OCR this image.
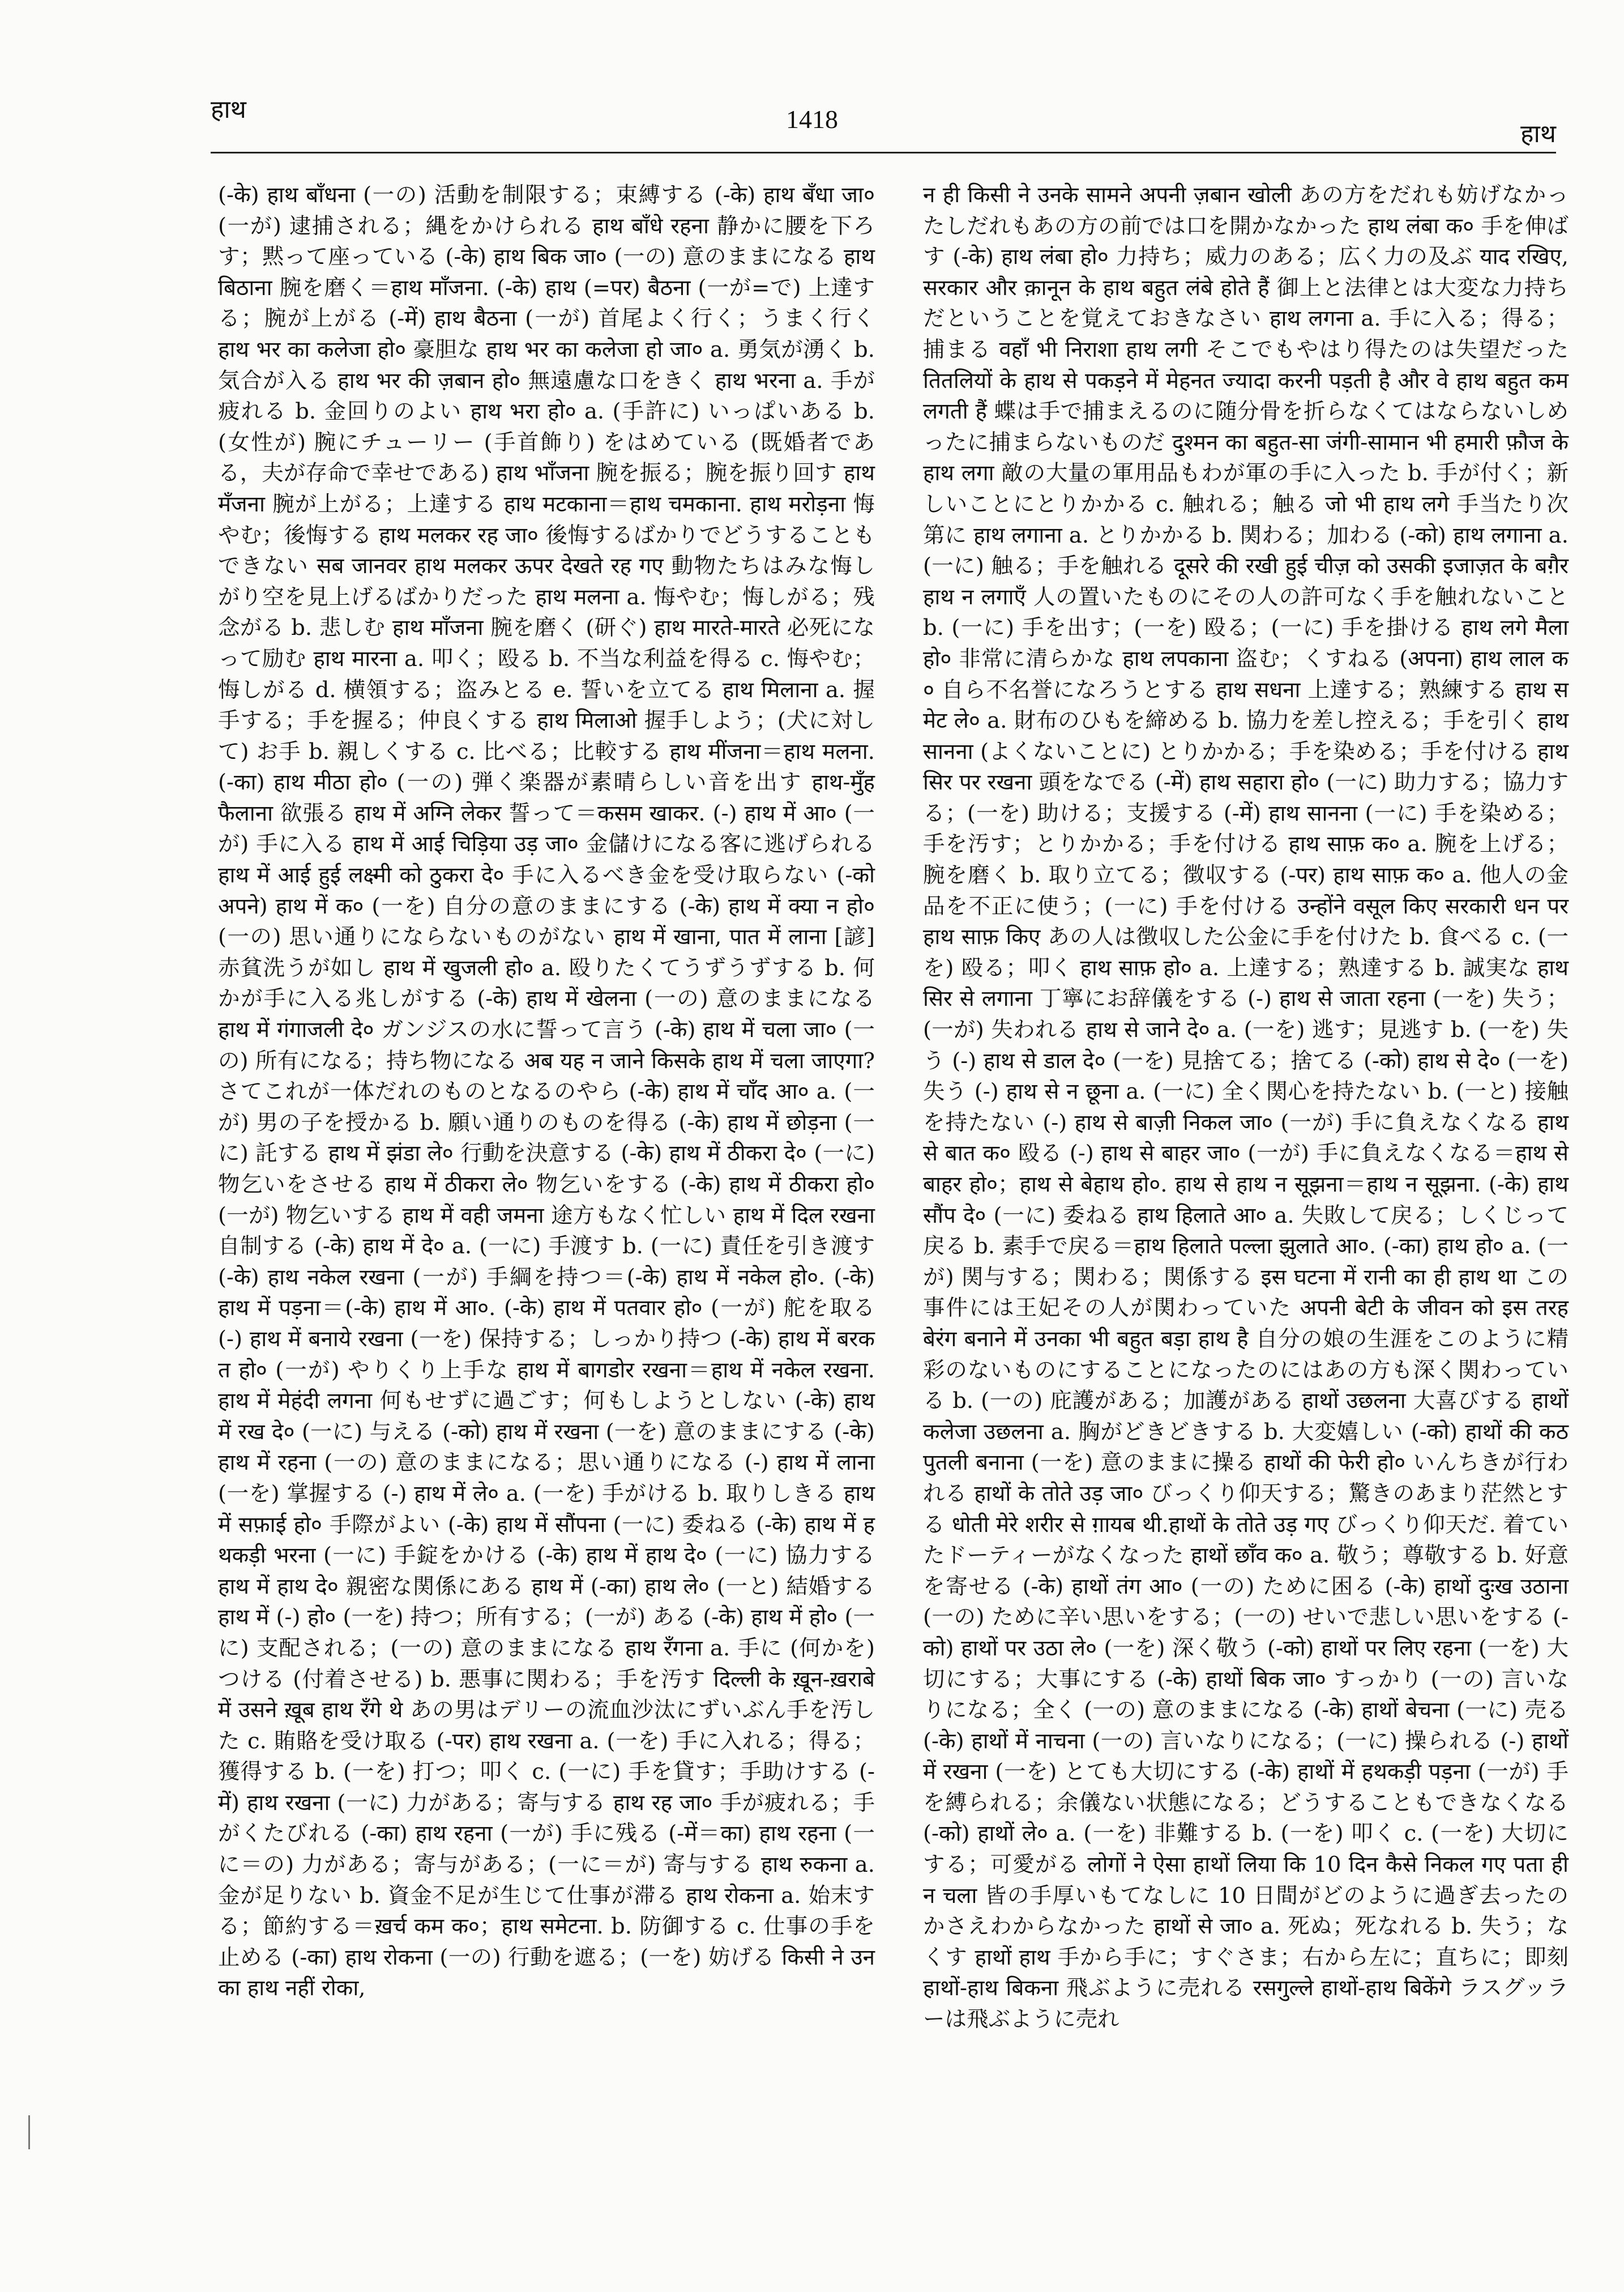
हाथ	1418
हाथ

(-के) हाथ बाँधना (一の) 活動を制限する；束縛する (-के) हाथ बँधा जा० (一が) 逮捕される；縄をかけられる हाथ बाँधे रहना 静かに腰を下ろす；黙って座っている (-के) हाथ बिक जा० (一の) 意のままになる हाथ बिठाना 腕を磨く＝हाथ माँजना. (-के) हाथ (=पर) बैठना (一が=で) 上達する；腕が上がる (-में) हाथ बैठना (一が) 首尾よく行く；うまく行く हाथ भर का कलेजा हो० 豪胆な हाथ भर का कलेजा हो जा० a. 勇気が湧く b. 気合が入る हाथ भर की ज़बान हो० 無遠慮な口をきく हाथ भरना a. 手が疲れる b. 金回りのよい हाथ भरा हो० a. (手許に) いっぱいある b. (女性が) 腕にチューリー (手首飾り) をはめている (既婚者である，夫が存命で幸せである) हाथ भाँजना 腕を振る；腕を振り回す हाथ मँजना 腕が上がる；上達する हाथ मटकाना＝हाथ चमकाना. हाथ मरोड़ना 悔やむ；後悔する हाथ मलकर रह जा० 後悔するばかりでどうすることもできない सब जानवर हाथ मलकर ऊपर देखते रह गए 動物たちはみな悔しがり空を見上げるばかりだった हाथ मलना a. 悔やむ；悔しがる；残念がる b. 悲しむ हाथ माँजना 腕を磨く (研ぐ) हाथ मारते-मारते 必死になって励む हाथ मारना a. 叩く；殴る b. 不当な利益を得る c. 悔やむ；悔しがる d. 横領する；盗みとる e. 誓いを立てる हाथ मिलाना a. 握手する；手を握る；仲良くする हाथ मिलाओ 握手しよう；(犬に対して) お手 b. 親しくする c. 比べる；比較する हाथ मींजना＝हाथ मलना. (-का) हाथ मीठा हो० (一の) 弾く楽器が素晴らしい音を出す हाथ-मुँह फैलाना 欲張る हाथ में अग्नि लेकर 誓って＝कसम खाकर. (-) हाथ में आ० (一が) 手に入る हाथ में आई चिड़िया उड़ जा० 金儲けになる客に逃げられる हाथ में आई हुई लक्ष्मी को ठुकरा दे० 手に入るべき金を受け取らない (-को अपने) हाथ में क० (一を) 自分の意のままにする (-के) हाथ में क्या न हो० (一の) 思い通りにならないものがない हाथ में खाना, पात में लाना [諺] 赤貧洗うが如し हाथ में खुजली हो० a. 殴りたくてうずうずする b. 何かが手に入る兆しがする (-के) हाथ में खेलना (一の) 意のままになる हाथ में गंगाजली दे० ガンジスの水に誓って言う (-के) हाथ में चला जा० (一の) 所有になる；持ち物になる अब यह न जाने किसके हाथ में चला जाएगा? さてこれが一体だれのものとなるのやら (-के) हाथ में चाँद आ० a. (一が) 男の子を授かる b. 願い通りのものを得る (-के) हाथ में छोड़ना (一に) 託する हाथ में झंडा ले० 行動を決意する (-के) हाथ में ठीकरा दे० (一に) 物乞いをさせる हाथ में ठीकरा ले० 物乞いをする (-के) हाथ में ठीकरा हो० (一が) 物乞いする हाथ में वही जमना 途方もなく忙しい हाथ में दिल रखना 自制する (-के) हाथ में दे० a. (一に) 手渡す b. (一に) 責任を引き渡す (-के) हाथ नकेल रखना (一が) 手綱を持つ＝(-के) हाथ में नकेल हो०. (-के) हाथ में पड़ना＝(-के) हाथ में आ०. (-के) हाथ में पतवार हो० (一が) 舵を取る (-) हाथ में बनाये रखना (一を) 保持する；しっかり持つ (-के) हाथ में बरकत हो० (一が) やりくり上手な हाथ में बागडोर रखना＝हाथ में नकेल रखना. हाथ में मेहंदी लगना 何もせずに過ごす；何もしようとしない (-के) हाथ में रख दे० (一に) 与える (-को) हाथ में रखना (一を) 意のままにする (-के) हाथ में रहना (一の) 意のままになる；思い通りになる (-) हाथ में लाना (一を) 掌握する (-) हाथ में ले० a. (一を) 手がける b. 取りしきる हाथ में सफ़ाई हो० 手際がよい (-के) हाथ में सौंपना (一に) 委ねる (-के) हाथ में हथकड़ी भरना (一に) 手錠をかける (-के) हाथ में हाथ दे० (一に) 協力する हाथ में हाथ दे० 親密な関係にある हाथ में (-का) हाथ ले० (一と) 結婚する हाथ में (-) हो० (一を) 持つ；所有する；(一が) ある (-के) हाथ में हो० (一に) 支配される；(一の) 意のままになる हाथ रँगना a. 手に (何かを) つける (付着させる) b. 悪事に関わる；手を汚す दिल्ली के ख़ून-ख़राबे में उसने ख़ूब हाथ रँगे थे あの男はデリーの流血沙汰にずいぶん手を汚した c. 賄賂を受け取る (-पर) हाथ रखना a. (一を) 手に入れる；得る；獲得する b. (一を) 打つ；叩く c. (一に) 手を貸す；手助けする (-में) हाथ रखना (一に) 力がある；寄与する हाथ रह जा० 手が疲れる；手がくたびれる (-का) हाथ रहना (一が) 手に残る (-में＝का) हाथ रहना (一に＝の) 力がある；寄与がある；(一に＝が) 寄与する हाथ रुकना a. 金が足りない b. 資金不足が生じて仕事が滞る हाथ रोकना a. 始末する；節約する＝ख़र्च कम क०；हाथ समेटना. b. 防御する c. 仕事の手を止める (-का) हाथ रोकना (一の) 行動を遮る；(一を) 妨げる किसी ने उनका हाथ नहीं रोका,

न ही किसी ने उनके सामने अपनी ज़बान खोली あの方をだれも妨げなかったしだれもあの方の前では口を開かなかった हाथ लंबा क० 手を伸ばす (-के) हाथ लंबा हो० 力持ち；威力のある；広く力の及ぶ याद रखिए, सरकार और क़ानून के हाथ बहुत लंबे होते हैं 御上と法律とは大変な力持ちだということを覚えておきなさい हाथ लगना a. 手に入る；得る；捕まる वहाँ भी निराशा हाथ लगी そこでもやはり得たのは失望だった तितलियों के हाथ से पकड़ने में मेहनत ज्यादा करनी पड़ती है और वे हाथ बहुत कम लगती हैं 蝶は手で捕まえるのに随分骨を折らなくてはならないしめったに捕まらないものだ दुश्मन का बहुत-सा जंगी-सामान भी हमारी फ़ौज के हाथ लगा 敵の大量の軍用品もわが軍の手に入った b. 手が付く；新しいことにとりかかる c. 触れる；触る जो भी हाथ लगे 手当たり次第に हाथ लगाना a. とりかかる b. 関わる；加わる (-को) हाथ लगाना a. (一に) 触る；手を触れる दूसरे की रखी हुई चीज़ को उसकी इजाज़त के बग़ैर हाथ न लगाएँ 人の置いたものにその人の許可なく手を触れないこと b. (一に) 手を出す；(一を) 殴る；(一に) 手を掛ける हाथ लगे मैला हो० 非常に清らかな हाथ लपकाना 盗む；くすねる (अपना) हाथ लाल क० 自ら不名誉になろうとする हाथ सधना 上達する；熟練する हाथ समेट ले० a. 財布のひもを締める b. 協力を差し控える；手を引く हाथ सानना (よくないことに) とりかかる；手を染める；手を付ける हाथ सिर पर रखना 頭をなでる (-में) हाथ सहारा हो० (一に) 助力する；協力する；(一を) 助ける；支援する (-में) हाथ सानना (一に) 手を染める；手を汚す；とりかかる；手を付ける हाथ साफ़ क० a. 腕を上げる；腕を磨く b. 取り立てる；徴収する (-पर) हाथ साफ़ क० a. 他人の金品を不正に使う；(一に) 手を付ける उन्होंने वसूल किए सरकारी धन पर हाथ साफ़ किए あの人は徴収した公金に手を付けた b. 食べる c. (一を) 殴る；叩く हाथ साफ़ हो० a. 上達する；熟達する b. 誠実な हाथ सिर से लगाना 丁寧にお辞儀をする (-) हाथ से जाता रहना (一を) 失う；(一が) 失われる हाथ से जाने दे० a. (一を) 逃す；見逃す b. (一を) 失う (-) हाथ से डाल दे० (一を) 見捨てる；捨てる (-को) हाथ से दे० (一を) 失う (-) हाथ से न छूना a. (一に) 全く関心を持たない b. (一と) 接触を持たない (-) हाथ से बाज़ी निकल जा० (一が) 手に負えなくなる हाथ से बात क० 殴る (-) हाथ से बाहर जा० (一が) 手に負えなくなる＝हाथ से बाहर हो०；हाथ से बेहाथ हो०. हाथ से हाथ न सूझना＝हाथ न सूझना. (-के) हाथ सौंप दे० (一に) 委ねる हाथ हिलाते आ० a. 失敗して戻る；しくじって戻る b. 素手で戻る＝हाथ हिलाते पल्ला झुलाते आ०. (-का) हाथ हो० a. (一が) 関与する；関わる；関係する इस घटना में रानी का ही हाथ था この事件には王妃その人が関わっていた अपनी बेटी के जीवन को इस तरह बेरंग बनाने में उनका भी बहुत बड़ा हाथ है 自分の娘の生涯をこのように精彩のないものにすることになったのにはあの方も深く関わっている b. (一の) 庇護がある；加護がある हाथों उछलना 大喜びする हाथों कलेजा उछलना a. 胸がどきどきする b. 大変嬉しい (-को) हाथों की कठपुतली बनाना (一を) 意のままに操る हाथों की फेरी हो० いんちきが行われる हाथों के तोते उड़ जा० びっくり仰天する；驚きのあまり茫然とする धोती मेरे शरीर से ग़ायब थी.हाथों के तोते उड़ गए びっくり仰天だ. 着ていたドーティーがなくなった हाथों छाँव क० a. 敬う；尊敬する b. 好意を寄せる (-के) हाथों तंग आ० (一の) ために困る (-के) हाथों दुःख उठाना (一の) ために辛い思いをする；(一の) せいで悲しい思いをする (-को) हाथों पर उठा ले० (一を) 深く敬う (-को) हाथों पर लिए रहना (一を) 大切にする；大事にする (-के) हाथों बिक जा० すっかり (一の) 言いなりになる；全く (一の) 意のままになる (-के) हाथों बेचना (一に) 売る (-के) हाथों में नाचना (一の) 言いなりになる；(一に) 操られる (-) हाथों में रखना (一を) とても大切にする (-के) हाथों में हथकड़ी पड़ना (一が) 手を縛られる；余儀ない状態になる；どうすることもできなくなる (-को) हाथों ले० a. (一を) 非難する b. (一を) 叩く c. (一を) 大切にする；可愛がる लोगों ने ऐसा हाथों लिया कि 10 दिन कैसे निकल गए पता ही न चला 皆の手厚いもてなしに 10 日間がどのように過ぎ去ったのかさえわからなかった हाथों से जा० a. 死ぬ；死なれる b. 失う；なくす हाथों हाथ 手から手に；すぐさま；右から左に；直ちに；即刻 हाथों-हाथ बिकना 飛ぶように売れる रसगुल्ले हाथों-हाथ बिकेंगे ラスグッラーは飛ぶように売れ
